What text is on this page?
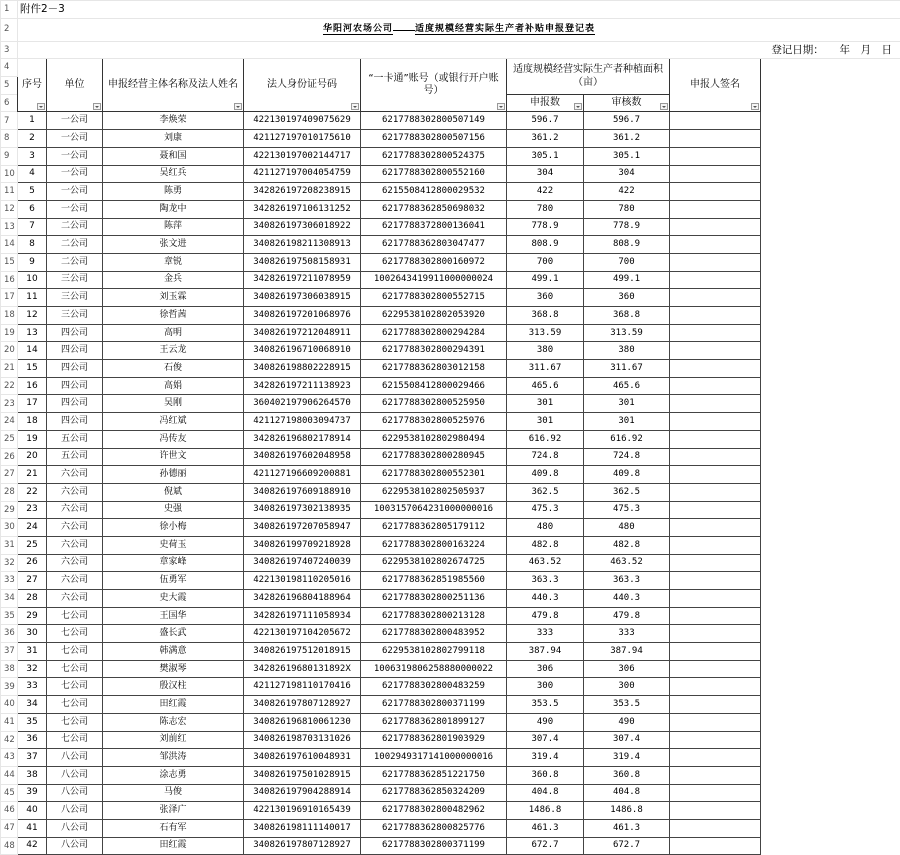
1	附件2－3								
2	华阳河农场公司 适度规模经营实际生产者补贴申报登记表								
3	登记日期：　　年　月　日								
4	序号	单位	申报经营主体名称及法人姓名	法人身份证号码	“一卡通”账号（或银行开户账号）	适度规模经营实际生产者种植面积（亩）		申报人签名

5									
6						申报数	审核数		

7	1	一公司	李焕荣	422130197409075629	6217788302800507149	596.7	596.7		
8	2	一公司	刘康	421127197010175610	6217788302800507156	361.2	361.2		
9	3	一公司	聂和国	422130197002144717	6217788302800524375	305.1	305.1		
10	4	一公司	吴红兵	421127197004054759	6217788302800552160	304	304		
11	5	一公司	陈勇	342826197208238915	6215508412800029532	422	422		
12	6	一公司	陶龙中	342826197106131252	6217788362850698032	780	780		
13	7	二公司	陈萍	340826197306018922	6217788372800136041	778.9	778.9		
14	8	二公司	张文进	340826198211308913	6217788362803047477	808.9	808.9		
15	9	二公司	章锐	340826197508158931	6217788302800160972	700	700		
16	10	三公司	金兵	342826197211078959	1002643419911000000024	499.1	499.1		
17	11	三公司	刘玉霖	340826197306038915	6217788302800552715	360	360		
18	12	三公司	徐哲茜	340826197201068976	6229538102802053920	368.8	368.8		
19	13	四公司	高明	340826197212048911	6217788302800294284	313.59	313.59		
20	14	四公司	王云龙	340826196710068910	6217788302800294391	380	380		
21	15	四公司	石俊	340826198802228915	6217788362803012158	311.67	311.67		
22	16	四公司	高娟	342826197211138923	6215508412800029466	465.6	465.6		
23	17	四公司	吴刚	360402197906264570	6217788302800525950	301	301		
24	18	四公司	冯红斌	421127198003094737	6217788302800525976	301	301		
25	19	五公司	冯传友	342826196802178914	6229538102802980494	616.92	616.92		
26	20	五公司	许世文	340826197602048958	6217788302800280945	724.8	724.8		
27	21	六公司	孙德丽	421127196609200881	6217788302800552301	409.8	409.8		
28	22	六公司	倪斌	340826197609188910	6229538102802505937	362.5	362.5		
29	23	六公司	史强	340826197302138935	1003157064231000000016	475.3	475.3		
30	24	六公司	徐小梅	340826197207058947	6217788362805179112	480	480		
31	25	六公司	史荷玉	340826199709218928	6217788302800163224	482.8	482.8		
32	26	六公司	章家峰	340826197407240039	6229538102802674725	463.52	463.52		
33	27	六公司	伍勇军	422130198110205016	6217788362851985560	363.3	363.3		
34	28	六公司	史大霞	342826196804188964	6217788302800251136	440.3	440.3		
35	29	七公司	王国华	342826197111058934	6217788302800213128	479.8	479.8		
36	30	七公司	盛长武	422130197104205672	6217788302800483952	333	333		
37	31	七公司	韩满意	340826197512018915	6229538102802799118	387.94	387.94		
38	32	七公司	樊淑琴	34282619680131892X	1006319806258880000022	306	306		
39	33	七公司	殷汉柱	421127198110170416	6217788302800483259	300	300		
40	34	七公司	田红霞	340826197807128927	6217788302800371199	353.5	353.5		
41	35	七公司	陈志宏	340826196810061230	6217788362801899127	490	490		
42	36	七公司	刘前红	340826198703131026	6217788362801903929	307.4	307.4		
43	37	八公司	邹洪涛	340826197610048931	1002949317141000000016	319.4	319.4		
44	38	八公司	涂志勇	340826197501028915	6217788362851221750	360.8	360.8		
45	39	八公司	马俊	340826197904288914	6217788362850324209	404.8	404.8		
46	40	八公司	张泽广	422130196910165439	6217788302800482962	1486.8	1486.8		
47	41	八公司	石有军	340826198111140017	6217788362800825776	461.3	461.3		
48	42	八公司	田红霞	340826197807128927	6217788302800371199	672.7	672.7		
